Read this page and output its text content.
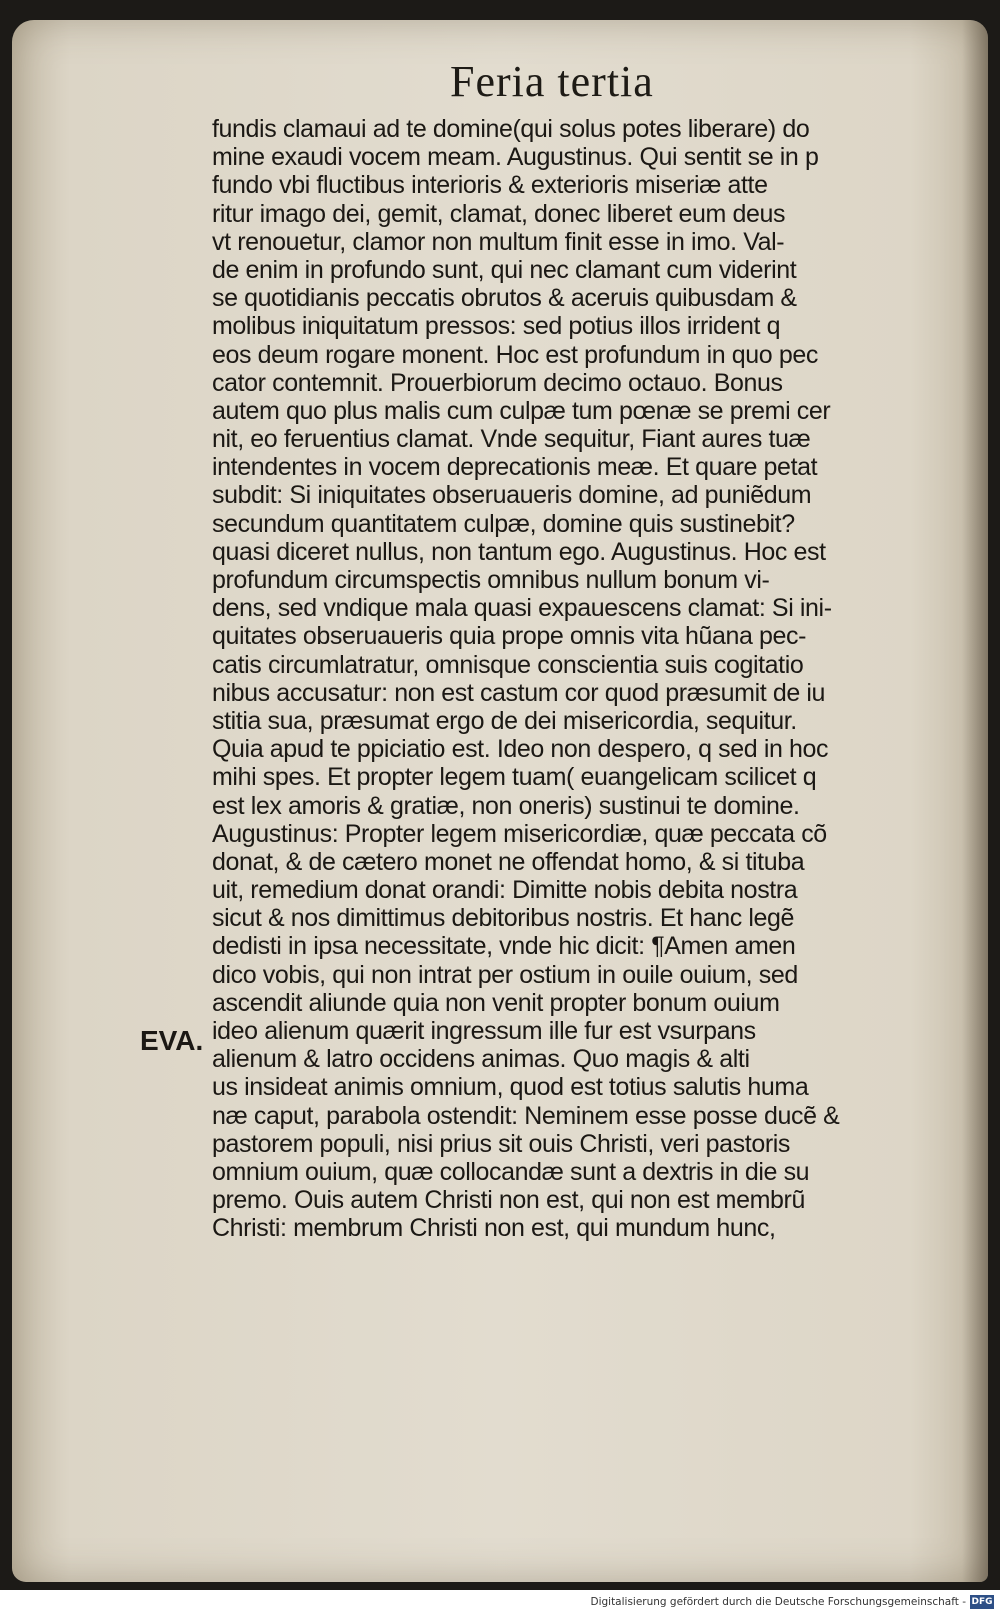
Feria tertia
EVA.
fundis clamaui ad te domine(qui solus potes liberare) do
mine exaudi vocem meam. Augustinus. Qui sentit se in p
fundo vbi fluctibus interioris & exterioris miseriæ atte
ritur imago dei, gemit, clamat, donec liberet eum deus
vt renouetur, clamor non multum finit esse in imo. Val-
de enim in profundo sunt, qui nec clamant cum viderint
se quotidianis peccatis obrutos & aceruis quibusdam &
molibus iniquitatum pressos: sed potius illos irrident q
eos deum rogare monent. Hoc est profundum in quo pec
cator contemnit. Prouerbiorum decimo octauo. Bonus
autem quo plus malis cum culpæ tum pœnæ se premi cer
nit, eo feruentius clamat. Vnde sequitur, Fiant aures tuæ
intendentes in vocem deprecationis meæ. Et quare petat
subdit: Si iniquitates obseruaueris domine, ad puniẽdum
secundum quantitatem culpæ, domine quis sustinebit?
quasi diceret nullus, non tantum ego. Augustinus. Hoc est
profundum circumspectis omnibus nullum bonum vi-
dens, sed vndique mala quasi expauescens clamat: Si ini-
quitates obseruaueris quia prope omnis vita hũana pec-
catis circumlatratur, omnisque conscientia suis cogitatio
nibus accusatur: non est castum cor quod præsumit de iu
stitia sua, præsumat ergo de dei misericordia, sequitur.
Quia apud te ppiciatio est. Ideo non despero, q sed in hoc
mihi spes. Et propter legem tuam( euangelicam scilicet q
est lex amoris & gratiæ, non oneris) sustinui te domine.
Augustinus: Propter legem misericordiæ, quæ peccata cõ
donat, & de cætero monet ne offendat homo, & si tituba
uit, remedium donat orandi: Dimitte nobis debita nostra
sicut & nos dimittimus debitoribus nostris. Et hanc legẽ
dedisti in ipsa necessitate, vnde hic dicit: ¶Amen amen
dico vobis, qui non intrat per ostium in ouile ouium, sed
ascendit aliunde quia non venit propter bonum ouium
ideo alienum quærit ingressum ille fur est vsurpans
alienum & latro occidens animas. Quo magis & alti
us insideat animis omnium, quod est totius salutis huma
næ caput, parabola ostendit: Neminem esse posse ducẽ &
pastorem populi, nisi prius sit ouis Christi, veri pastoris
omnium ouium, quæ collocandæ sunt a dextris in die su
premo. Ouis autem Christi non est, qui non est membrũ
Christi: membrum Christi non est, qui mundum hunc,
Digitalisierung gefördert durch die Deutsche Forschungsgemeinschaft - DFG
